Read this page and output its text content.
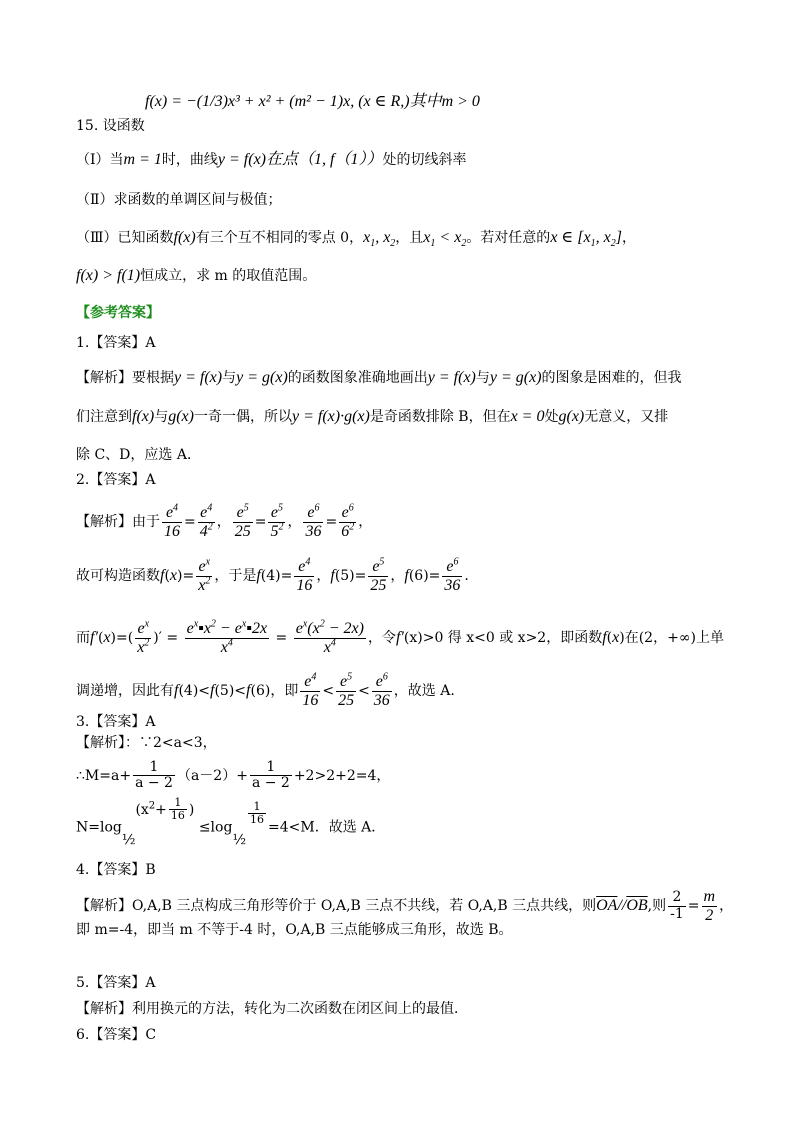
f(x) = −(1/3)x³ + x² + (m² − 1)x, (x ∈ R,)其中m > 0
15. 设函数
（Ⅰ）当m = 1时，曲线y = f(x)在点（1, f（1））处的切线斜率
（Ⅱ）求函数的单调区间与极值；
（Ⅲ）已知函数f(x)有三个互不相同的零点 0，$x_1$, $x_2$，且$x_1 < x_2$。若对任意的x ∈ [$x_1$, $x_2$]，
f(x) > f(1)恒成立，求 m 的取值范围。
【参考答案】
1.【答案】A
【解析】要根据y = f(x)与y = g(x)的函数图象准确地画出y = f(x)与y = g(x)的图象是困难的，但我
们注意到f(x)与g(x)一奇一偶，所以y = f(x)·g(x)是奇函数排除 B，但在x = 0处g(x)无意义，又排
除 C、D，应选 A．
2.【答案】A
【解析】由于 $\frac{e^4}{16} = \frac{e^4}{4^2}$ ， $\frac{e^5}{25} = \frac{e^5}{5^2}$ ， $\frac{e^6}{36} = \frac{e^6}{6^2}$ ，
故可构造函数$f(x)= \frac{e^x}{x^2}$ ，于是$f(4)= \frac{e^4}{16}$ ，$f(5)= \frac{e^5}{25}$ ，$f(6)= \frac{e^6}{36}$ .
而$f'(x)=( \frac{e^x}{x^2}$ )′ = $\frac{e^x▪x^2 - e^x▪2x}{x^4} = \frac{e^x(x^2 - 2x)}{x^4}$ ，令f′(x)>0 得 x<0 或 x>2，即函数f(x)在(2，+∞)上单
调递增，因此有f(4)<f(5)<f(6)，即 $\frac{e^4}{16} < \frac{e^5}{25} < \frac{e^6}{36}$ ，故选 A.
3.【答案】A
【解析】：∵2<a<3，
∴M=a+ $\frac{1}{a - 2} (a-2)+ \frac{1}{a - 2} +2>2+2=4$，
$N=\log\frac{1}{2}(x^2+ \frac{1}{16}$ ) ≤log½
$\frac{1}{16}$
=4<M．故选 A．
4.【答案】B
【解析】O,A,B 三点构成三角形等价于 O,A,B 三点不共线，若 O,A,B 三点共线，则$\overline{OA}//\overline{OB}$,则 $\frac{2}{-1} = \frac{m}{2}$ ，
即 m=-4，即当 m 不等于-4 时，O,A,B 三点能够成三角形，故选 B。
5.【答案】A
【解析】利用换元的方法，转化为二次函数在闭区间上的最值．
6.【答案】C
